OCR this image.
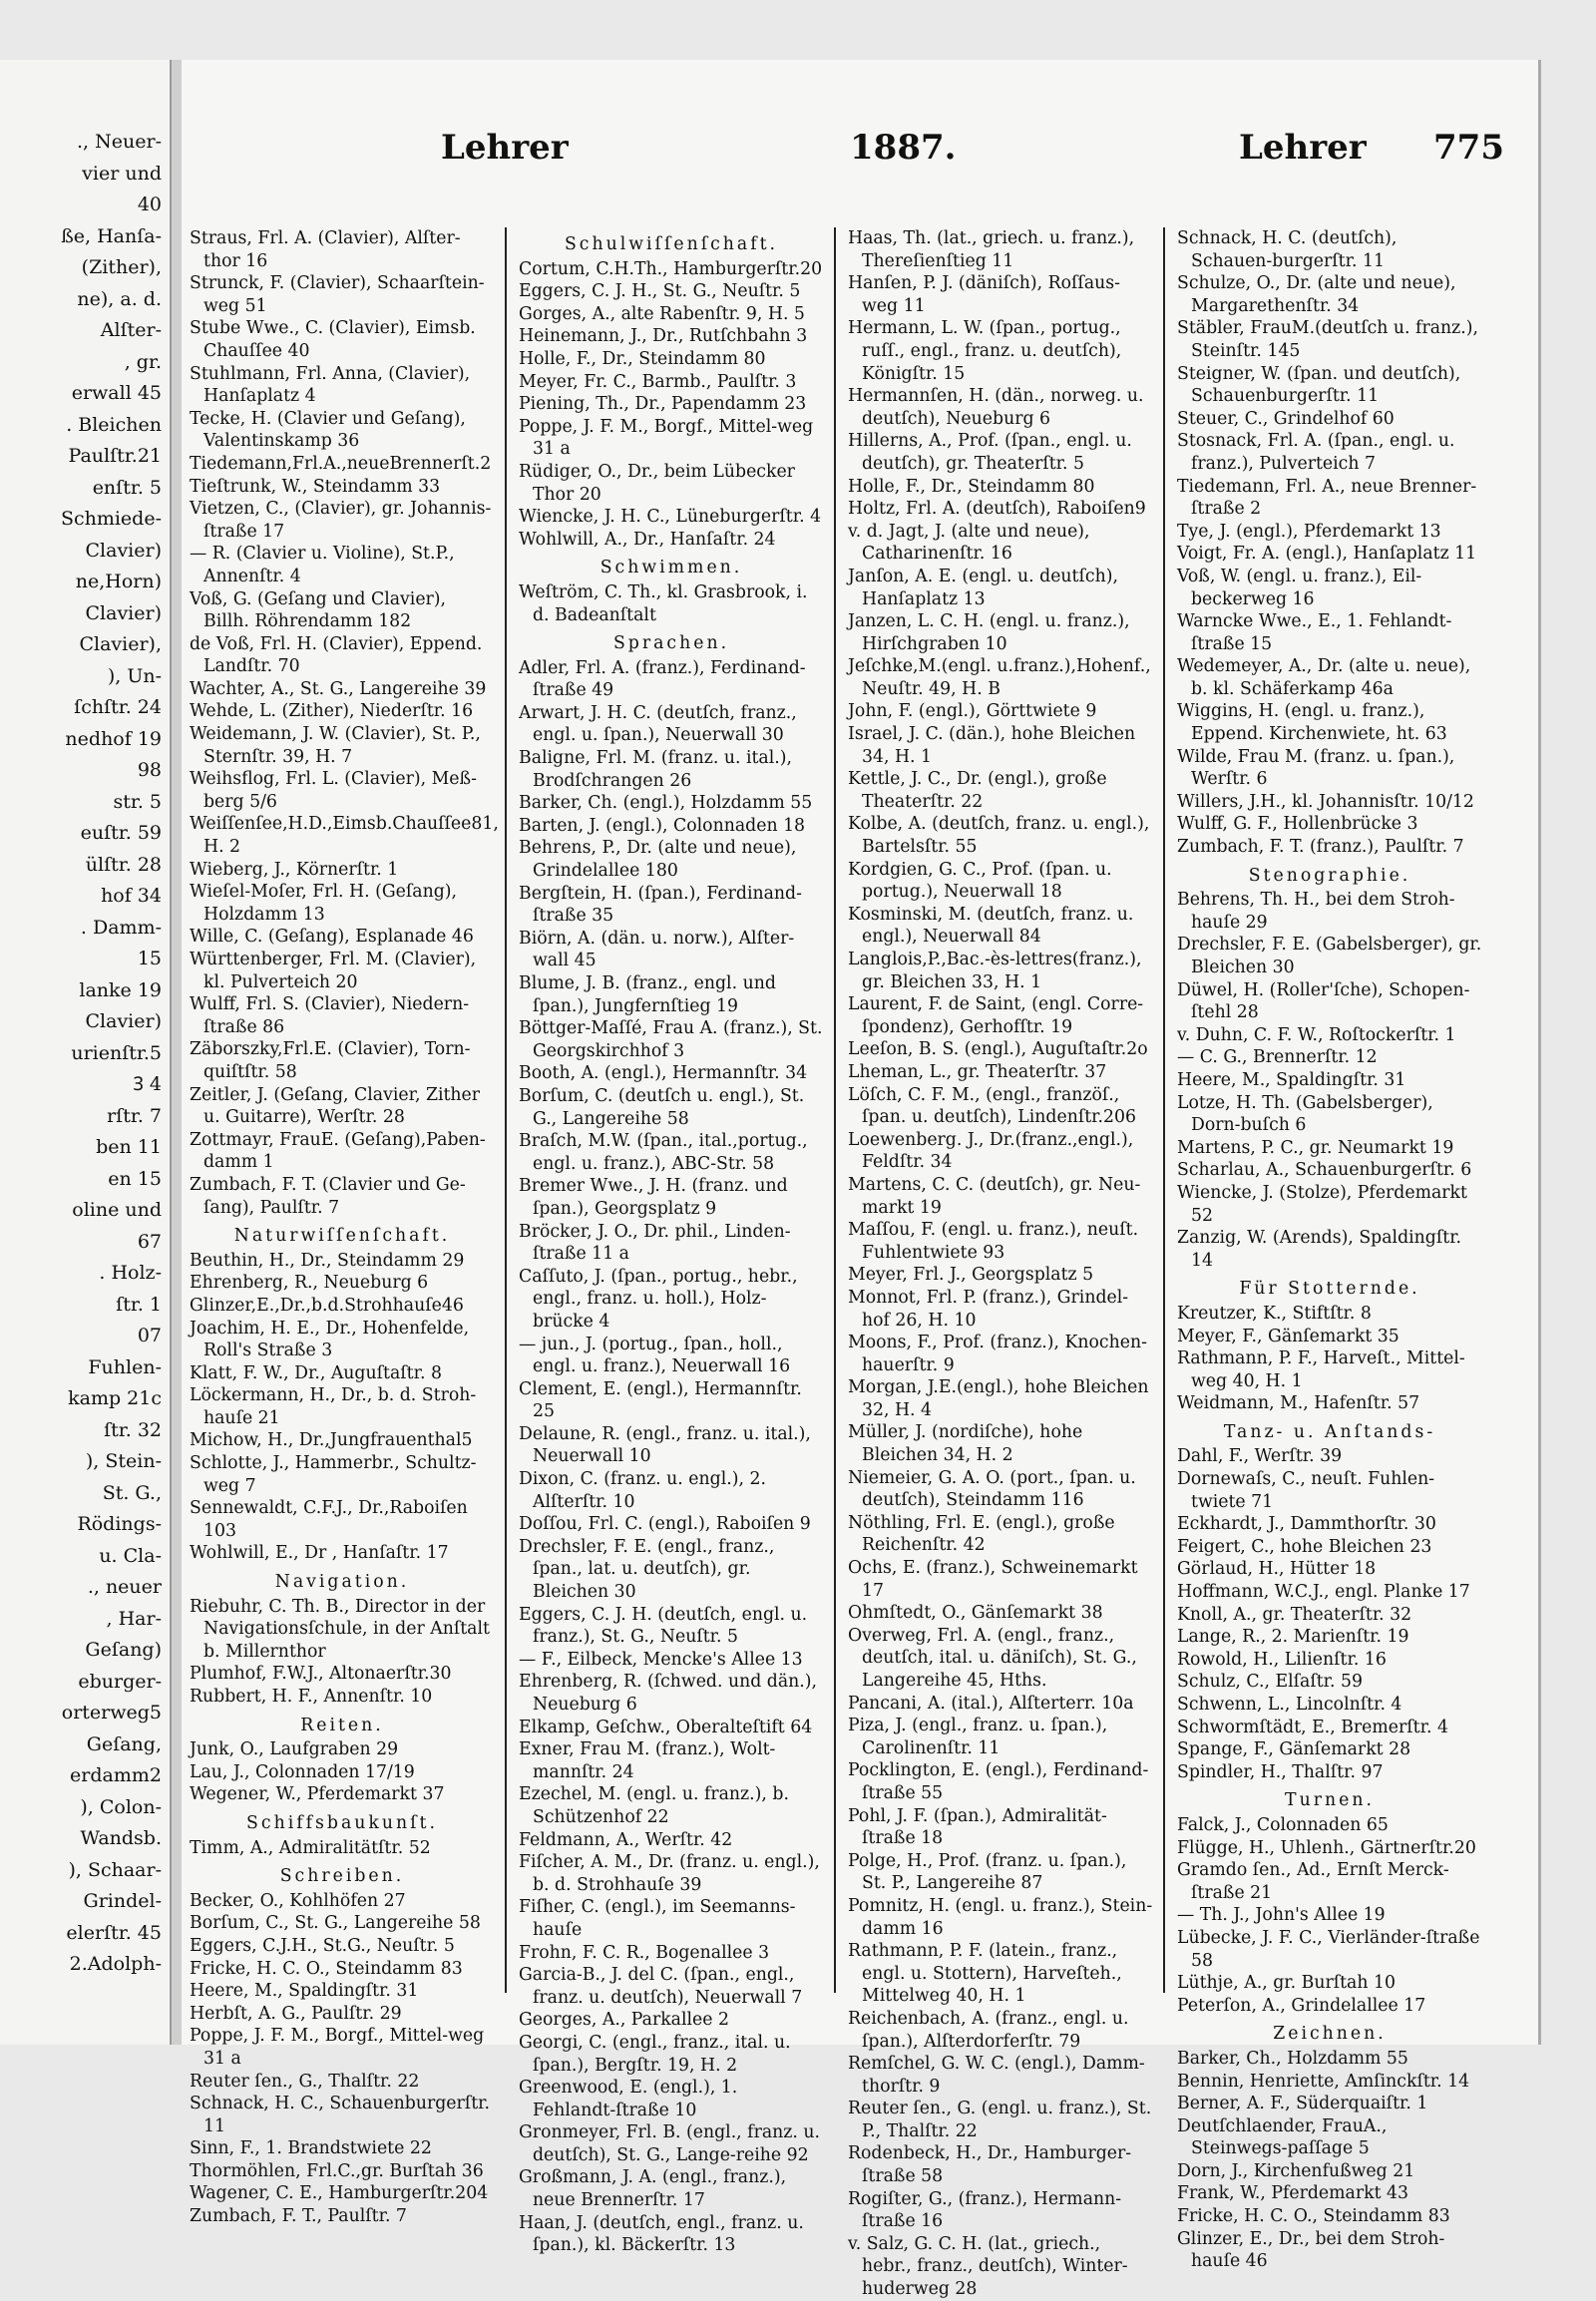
., Neuer-
vier und
40
ße, Hanſa-
(Zither),
ne), a. d.
Alſter-
, gr.
erwall 45
. Bleichen
Paulſtr.21
enſtr. 5
Schmiede-
Clavier)
ne,Horn)
Clavier)
Clavier),
), Un-
ſchſtr. 24
nedhof 19
98
str. 5
euſtr. 59
ülſtr. 28
hof 34
. Damm-
15
lanke 19
Clavier)
urienſtr.5
Ꝫ 4
rſtr. 7
ben 11
en 15
oline und
67
. Holz-
ſtr. 1
07
Fuhlen-
kamp 21c
ſtr. 32
), Stein-
St. G.,
Rödings-
u. Cla-
., neuer
, Har-
Geſang)
eburger-
orterweg5
Geſang,
erdamm2
), Colon-
Wandsb.
), Schaar-
Grindel-
elerſtr. 45
2.Adolph-
Lehrer	1887.	Lehrer 775
Straus, Frl. A. (Clavier), Alſter-thor 16
Strunck, F. (Clavier), Schaarſtein-weg 51
Stube Wwe., C. (Clavier), Eimsb. Chauſſee 40
Stuhlmann, Frl. Anna, (Clavier), Hanſaplatz 4
Tecke, H. (Clavier und Geſang), Valentinskamp 36
Tiedemann,Frl.A.,neueBrennerſt.2
Tieſtrunk, W., Steindamm 33
Vietzen, C., (Clavier), gr. Johannis-ſtraße 17
— R. (Clavier u. Violine), St.P., Annenſtr. 4
Voß, G. (Geſang und Clavier), Billh. Röhrendamm 182
de Voß, Frl. H. (Clavier), Eppend. Landſtr. 70
Wachter, A., St. G., Langereihe 39
Wehde, L. (Zither), Niederſtr. 16
Weidemann, J. W. (Clavier), St. P., Sternſtr. 39, H. 7
Weihsflog, Frl. L. (Clavier), Meß-berg 5/6
Weiſſenſee,H.D.,Eimsb.Chauſſee81, H. 2
Wieberg, J., Körnerſtr. 1
Wieſel-Moſer, Frl. H. (Geſang), Holzdamm 13
Wille, C. (Geſang), Esplanade 46
Württenberger, Frl. M. (Clavier), kl. Pulverteich 20
Wulff, Frl. S. (Clavier), Niedern-ſtraße 86
Zäborszky,Frl.E. (Clavier), Torn-quiſtſtr. 58
Zeitler, J. (Geſang, Clavier, Zither u. Guitarre), Werſtr. 28
Zottmayr, FrauE. (Geſang),Paben-damm 1
Zumbach, F. T. (Clavier und Ge-ſang), Paulſtr. 7
Naturwiſſenſchaft.
Beuthin, H., Dr., Steindamm 29
Ehrenberg, R., Neueburg 6
Glinzer,E.,Dr.,b.d.Strohhauſe46
Joachim, H. E., Dr., Hohenfelde, Roll's Straße 3
Klatt, F. W., Dr., Auguſtaſtr. 8
Löckermann, H., Dr., b. d. Stroh-hauſe 21
Michow, H., Dr.,Jungfrauenthal5
Schlotte, J., Hammerbr., Schultz-weg 7
Sennewaldt, C.F.J., Dr.,Raboiſen 103
Wohlwill, E., Dr , Hanſaſtr. 17
Navigation.
Riebuhr, C. Th. B., Director in der Navigationsſchule, in der Anſtalt b. Millernthor
Plumhof, F.W.J., Altonaerſtr.30
Rubbert, H. F., Annenſtr. 10
Reiten.
Junk, O., Laufgraben 29
Lau, J., Colonnaden 17/19
Wegener, W., Pferdemarkt 37
Schiffsbaukunſt.
Timm, A., Admiralitätſtr. 52
Schreiben.
Becker, O., Kohlhöfen 27
Borſum, C., St. G., Langereihe 58
Eggers, C.J.H., St.G., Neuſtr. 5
Fricke, H. C. O., Steindamm 83
Heere, M., Spaldingſtr. 31
Herbſt, A. G., Paulſtr. 29
Poppe, J. F. M., Borgf., Mittel-weg 31 a
Reuter ſen., G., Thalſtr. 22
Schnack, H. C., Schauenburgerſtr. 11
Sinn, F., 1. Brandstwiete 22
Thormöhlen, Frl.C.,gr. Burſtah 36
Wagener, C. E., Hamburgerſtr.204
Zumbach, F. T., Paulſtr. 7
Schulwiſſenſchaft.
Cortum, C.H.Th., Hamburgerſtr.20
Eggers, C. J. H., St. G., Neuſtr. 5
Gorges, A., alte Rabenſtr. 9, H. 5
Heinemann, J., Dr., Rutſchbahn 3
Holle, F., Dr., Steindamm 80
Meyer, Fr. C., Barmb., Paulſtr. 3
Piening, Th., Dr., Papendamm 23
Poppe, J. F. M., Borgf., Mittel-weg 31 a
Rüdiger, O., Dr., beim Lübecker Thor 20
Wiencke, J. H. C., Lüneburgerſtr. 4
Wohlwill, A., Dr., Hanſaſtr. 24
Schwimmen.
Weſtröm, C. Th., kl. Grasbrook, i. d. Badeanſtalt
Sprachen.
Adler, Frl. A. (franz.), Ferdinand-ſtraße 49
Arwart, J. H. C. (deutſch, franz., engl. u. ſpan.), Neuerwall 30
Baligne, Frl. M. (franz. u. ital.), Brodſchrangen 26
Barker, Ch. (engl.), Holzdamm 55
Barten, J. (engl.), Colonnaden 18
Behrens, P., Dr. (alte und neue), Grindelallee 180
Bergſtein, H. (ſpan.), Ferdinand-ſtraße 35
Biörn, A. (dän. u. norw.), Alſter-wall 45
Blume, J. B. (franz., engl. und ſpan.), Jungfernſtieg 19
Böttger-Maſſé, Frau A. (franz.), St. Georgskirchhof 3
Booth, A. (engl.), Hermannſtr. 34
Borſum, C. (deutſch u. engl.), St. G., Langereihe 58
Braſch, M.W. (ſpan., ital.,portug., engl. u. franz.), ABC-Str. 58
Bremer Wwe., J. H. (franz. und ſpan.), Georgsplatz 9
Bröcker, J. O., Dr. phil., Linden-ſtraße 11 a
Caſſuto, J. (ſpan., portug., hebr., engl., franz. u. holl.), Holz-brücke 4
— jun., J. (portug., ſpan., holl., engl. u. franz.), Neuerwall 16
Clement, E. (engl.), Hermannſtr. 25
Delaune, R. (engl., franz. u. ital.), Neuerwall 10
Dixon, C. (franz. u. engl.), 2. Alſterſtr. 10
Doſſou, Frl. C. (engl.), Raboiſen 9
Drechsler, F. E. (engl., franz., ſpan., lat. u. deutſch), gr. Bleichen 30
Eggers, C. J. H. (deutſch, engl. u. franz.), St. G., Neuſtr. 5
— F., Eilbeck, Mencke's Allee 13
Ehrenberg, R. (ſchwed. und dän.), Neueburg 6
Elkamp, Geſchw., Oberalteſtift 64
Exner, Frau M. (franz.), Wolt-mannſtr. 24
Ezechel, M. (engl. u. franz.), b. Schützenhof 22
Feldmann, A., Werſtr. 42
Fiſcher, A. M., Dr. (franz. u. engl.), b. d. Strohhauſe 39
Fiſher, C. (engl.), im Seemanns-hauſe
Frohn, F. C. R., Bogenallee 3
Garcia-B., J. del C. (ſpan., engl., franz. u. deutſch), Neuerwall 7
Georges, A., Parkallee 2
Georgi, C. (engl., franz., ital. u. ſpan.), Bergſtr. 19, H. 2
Greenwood, E. (engl.), 1. Fehlandt-ſtraße 10
Gronmeyer, Frl. B. (engl., franz. u. deutſch), St. G., Lange-reihe 92
Großmann, J. A. (engl., franz.), neue Brennerſtr. 17
Haan, J. (deutſch, engl., franz. u. ſpan.), kl. Bäckerſtr. 13
Haas, Th. (lat., griech. u. franz.), Thereſienſtieg 11
Hanſen, P. J. (däniſch), Roſſaus-weg 11
Hermann, L. W. (ſpan., portug., ruſſ., engl., franz. u. deutſch), Königſtr. 15
Hermannſen, H. (dän., norweg. u. deutſch), Neueburg 6
Hillerns, A., Prof. (ſpan., engl. u. deutſch), gr. Theaterſtr. 5
Holle, F., Dr., Steindamm 80
Holtz, Frl. A. (deutſch), Raboiſen9
v. d. Jagt, J. (alte und neue), Catharinenſtr. 16
Janſon, A. E. (engl. u. deutſch), Hanſaplatz 13
Janzen, L. C. H. (engl. u. franz.), Hirſchgraben 10
Jeſchke,M.(engl. u.franz.),Hohenf., Neuſtr. 49, H. B
John, F. (engl.), Görttwiete 9
Israel, J. C. (dän.), hohe Bleichen 34, H. 1
Kettle, J. C., Dr. (engl.), große Theaterſtr. 22
Kolbe, A. (deutſch, franz. u. engl.), Bartelsſtr. 55
Kordgien, G. C., Prof. (ſpan. u. portug.), Neuerwall 18
Kosminski, M. (deutſch, franz. u. engl.), Neuerwall 84
Langlois,P.,Bac.-ès-lettres(franz.), gr. Bleichen 33, H. 1
Laurent, F. de Saint, (engl. Corre-ſpondenz), Gerhofſtr. 19
Leeſon, B. S. (engl.), Auguſtaſtr.2o
Lheman, L., gr. Theaterſtr. 37
Löſch, C. F. M., (engl., franzöſ., ſpan. u. deutſch), Lindenſtr.206
Loewenberg. J., Dr.(franz.,engl.), Feldſtr. 34
Martens, C. C. (deutſch), gr. Neu-markt 19
Maſſou, F. (engl. u. franz.), neuſt. Fuhlentwiete 93
Meyer, Frl. J., Georgsplatz 5
Monnot, Frl. P. (franz.), Grindel-hof 26, H. 10
Moons, F., Prof. (franz.), Knochen-hauerſtr. 9
Morgan, J.E.(engl.), hohe Bleichen 32, H. 4
Müller, J. (nordiſche), hohe Bleichen 34, H. 2
Niemeier, G. A. O. (port., ſpan. u. deutſch), Steindamm 116
Nöthling, Frl. E. (engl.), große Reichenſtr. 42
Ochs, E. (franz.), Schweinemarkt 17
Ohmſtedt, O., Gänſemarkt 38
Overweg, Frl. A. (engl., franz., deutſch, ital. u. däniſch), St. G., Langereihe 45, Hths.
Pancani, A. (ital.), Alſterterr. 10a
Piza, J. (engl., franz. u. ſpan.), Carolinenſtr. 11
Pocklington, E. (engl.), Ferdinand-ſtraße 55
Pohl, J. F. (ſpan.), Admiralität-ſtraße 18
Polge, H., Prof. (franz. u. ſpan.), St. P., Langereihe 87
Pomnitz, H. (engl. u. franz.), Stein-damm 16
Rathmann, P. F. (latein., franz., engl. u. Stottern), Harveſteh., Mittelweg 40, H. 1
Reichenbach, A. (franz., engl. u. ſpan.), Alſterdorferſtr. 79
Remſchel, G. W. C. (engl.), Damm-thorſtr. 9
Reuter ſen., G. (engl. u. franz.), St. P., Thalſtr. 22
Rodenbeck, H., Dr., Hamburger-ſtraße 58
Rogiſter, G., (franz.), Hermann-ſtraße 16
v. Salz, G. C. H. (lat., griech., hebr., franz., deutſch), Winter-huderweg 28
Schnack, H. C. (deutſch), Schauen-burgerſtr. 11
Schulze, O., Dr. (alte und neue), Margarethenſtr. 34
Stäbler, FrauM.(deutſch u. franz.), Steinſtr. 145
Steigner, W. (ſpan. und deutſch), Schauenburgerſtr. 11
Steuer, C., Grindelhof 60
Stosnack, Frl. A. (ſpan., engl. u. franz.), Pulverteich 7
Tiedemann, Frl. A., neue Brenner-ſtraße 2
Tye, J. (engl.), Pferdemarkt 13
Voigt, Fr. A. (engl.), Hanſaplatz 11
Voß, W. (engl. u. franz.), Eil-beckerweg 16
Warncke Wwe., E., 1. Fehlandt-ſtraße 15
Wedemeyer, A., Dr. (alte u. neue), b. kl. Schäferkamp 46a
Wiggins, H. (engl. u. franz.), Eppend. Kirchenwiete, ht. 63
Wilde, Frau M. (franz. u. ſpan.), Werſtr. 6
Willers, J.H., kl. Johannisſtr. 10/12
Wulff, G. F., Hollenbrücke 3
Zumbach, F. T. (franz.), Paulſtr. 7
Stenographie.
Behrens, Th. H., bei dem Stroh-hauſe 29
Drechsler, F. E. (Gabelsberger), gr. Bleichen 30
Düwel, H. (Roller'ſche), Schopen-ſtehl 28
v. Duhn, C. F. W., Roſtockerſtr. 1
— C. G., Brennerſtr. 12
Heere, M., Spaldingſtr. 31
Lotze, H. Th. (Gabelsberger), Dorn-buſch 6
Martens, P. C., gr. Neumarkt 19
Scharlau, A., Schauenburgerſtr. 6
Wiencke, J. (Stolze), Pferdemarkt 52
Zanzig, W. (Arends), Spaldingſtr. 14
Für Stotternde.
Kreutzer, K., Stiftſtr. 8
Meyer, F., Gänſemarkt 35
Rathmann, P. F., Harveſt., Mittel-weg 40, H. 1
Weidmann, M., Hafenſtr. 57
Tanz- u. Anſtands-
Dahl, F., Werſtr. 39
Dornewaſs, C., neuſt. Fuhlen-twiete 71
Eckhardt, J., Dammthorſtr. 30
Feigert, C., hohe Bleichen 23
Görlaud, H., Hütter 18
Hoffmann, W.C.J., engl. Planke 17
Knoll, A., gr. Theaterſtr. 32
Lange, R., 2. Marienſtr. 19
Rowold, H., Lilienſtr. 16
Schulz, C., Elſaſtr. 59
Schwenn, L., Lincolnſtr. 4
Schwormſtädt, E., Bremerſtr. 4
Spange, F., Gänſemarkt 28
Spindler, H., Thalſtr. 97
Turnen.
Falck, J., Colonnaden 65
Flügge, H., Uhlenh., Gärtnerſtr.20
Gramdo ſen., Ad., Ernſt Merck-ſtraße 21
— Th. J., John's Allee 19
Lübecke, J. F. C., Vierländer-ſtraße 58
Lüthje, A., gr. Burſtah 10
Peterſon, A., Grindelallee 17
Zeichnen.
Barker, Ch., Holzdamm 55
Bennin, Henriette, Amſinckſtr. 14
Berner, A. F., Süderquaiſtr. 1
Deutſchlaender, FrauA., Steinwegs-paſſage 5
Dorn, J., Kirchenfußweg 21
Frank, W., Pferdemarkt 43
Fricke, H. C. O., Steindamm 83
Glinzer, E., Dr., bei dem Stroh-hauſe 46
